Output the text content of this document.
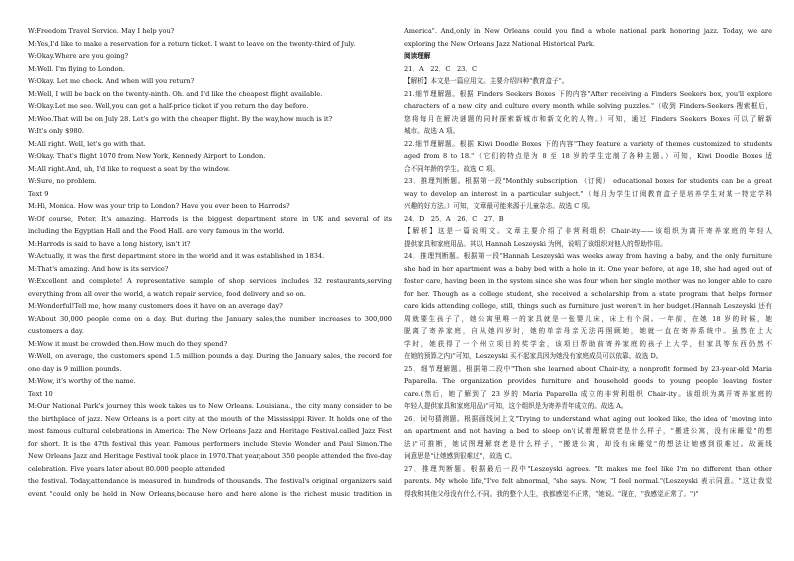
W:Freedom Travel Service. May I help you?
M:Yes,I'd like to make a reservation for a return ticket. I want to leave on the twenty-third of July.
W:Okay.Where are you going?
M:Well. I'm flying to London.
W:Okay. Let me check. And when will you return?
M:Well, I will be back on the twenty-ninth. Oh. and I'd like the cheapest flight available.
W:Okay.Let me see. Well,you can get a half-price ticket if you return the day before.
M:Woo.That will be on July 28. Let's go with the cheaper flight. By the way,how much is it?
W:It's only $980.
M:All right. Well, let's go with that.
W:Okay. That's flight 1070 from New York, Kennedy Airport to London.
M:All right.And, uh, I'd like to request a seat by the window.
W:Sure, no problem.
Text 9
M:Hi, Monica. How was your trip to London? Have you ever been to Harrods?
W:Of course, Peter. It's amazing. Harrods is the biggest department store in UK and several of its
including the Egyptian Hall and the Food Hall. are very famous in the world.
M:Harrods is said to have a long history, isn't it?
W:Actually, it was the first department store in the world and it was established in 1834.
M:That's amazing. And how is its service?
W:Excellent and complete! A representative sample of shop services includes 32 restaurants,serving
everything from all over the world, a watch repair service, food delivery and so on.
M:Wonderful!Tell me, how many customers does it have on an average day?
W:About 30,000 people come on a day. But during the January sales,the number increases to 300,000
customers a day.
M:Wow it must be crowded then.How much do they spend?
W:Well, on average, the customers spend 1.5 million pounds a day. During the January sales, the record for
one day is 9 million pounds.
M:Wow, it's worthy of the name.
Text 10
M:Our National Park's journey this week takes us to New Orleans. Louisiana., the city many consider to be
the birthplace of jazz. New Orleans is a port city at the mouth of the Mississippi River. It holds one of the
most famous cultural celebrations in America: The New Orleans Jazz and Heritage Festival.called Jazz Fest
for short. It is the 47th festival this year. Famous performers include Stevie Wonder and Paul Simon.The
New Orleans Jazz and Heritage Festival took place in 1970.That year,about 350 people attended the five-day
celebration. Five years later about 80.000 people attended
the festival. Today,attendance is measured in hundreds of thousands. The festival's original organizers said
event "could only be held in New Orleans,because here and here alone is the richest music tradition in
America". And,only in New Orleans could you find a whole national park honoring jazz. Today, we are
exploring the New Orleans Jazz National Historical Park.
阅读理解
21．A　22．C　23．C
【解析】本文是一篇应用文。主要介绍四种"教育盒子"。
21.细节理解题。根据 Finders Seekers Boxes 下的内容"After receiving a Finders Seekers box, you'll explore
characters of a new city and culture every month while solving puzzles."（收到 Finders-Seekers 搜索框后，
您将每月在解决谜题的同时探索新城市和新文化的人物。）可知，通过 Finders Seekers Boxes 可以了解新
城市。故选 A 项。
22.细节理解题。根据 Kiwi Doodle Boxes 下的内容"They feature a variety of themes customized to students
aged from 8 to 18."（它们的特点是为 8 至 18 岁的学生定制了各种主题。）可知，Kiwi Doodle Boxes 适
合不同年龄的学生。故选 C 项。
23．推理判断题。根据第一段"Monthly subscription （订阅） educational boxes for students can be a great
way to develop an interest in a particular subject."（每月为学生订阅教育盒子是培养学生对某一特定学科
兴趣的好方法。）可知，文章最可能来源于儿童杂志。故选 C 项。
24．D　25．A　26．C　27．B
【解析】这是一篇说明文。文章主要介绍了非营利组织 Chair-ity——该组织为离开寄养家庭的年轻人
提供家具和家庭用品。其以 Hannah Leszeyski 为例，说明了该组织对他人的帮助作用。
24．推理判断题。根据第一段"Hannah Leszeyski was weeks away from having a baby, and the only furniture
she had in her apartment was a baby bed with a hole in it. One year before, at age 18, she had aged out of
foster care, having been in the system since she was four when her single mother was no longer able to care
for her. Though as a college student, she received a scholarship from a state program that helps former
care kids attending college, still, things such as furniture just weren't in her budget.(Hannah Leszeyski 还有
周就要生孩子了，她公寓里唯一的家具就是一张婴儿床，床上有个洞。一年前，在她 18 岁的时候，她
脱离了寄养家庭，自从她四岁时，她的单亲母亲无法再照顾她，她就一直在寄养系统中。虽然在上大
学时，她获得了一个州立项目的奖学金，该项目帮助前寄养家庭的孩子上大学，但家具等东西仍然不
在她的预算之内)"可知，Leszeyski 买不起家具因为她没有家庭成员可以依靠。故选 D。
25．细节理解题。根据第二段中"Then she learned about Chair-ity, a nonprofit formed by 23-year-old Maria
Paparella. The organization provides furniture and household goods to young people leaving foster
care.(然后，她了解到了 23 岁的 Maria Paparella 成立的非营利组织 Chair-ity。该组织为离开寄养家庭的
年轻人提供家具和家庭用品)"可知，这个组织是为寄养青年成立的。故选 A。
26．词句猜测题。根据画线词上文"Trying to understand what aging out looked like, the idea of 'moving into
an apartment and not having a bed to sleep on'(试着理解衰老是什么样子，"搬进公寓，没有床睡觉"的想
法)"可推断，她试图理解衰老是什么样子，"搬进公寓，却没有床睡觉"的想法让她感到很难过。故画线
词意思是"让她感到很难过"，故选 C。
27．推理判断题。根据最后一段中"Leszeyski agrees. "It makes me feel like I'm no different than other
parents. My whole life,"I've felt abnormal, "she says. Now, "I feel normal."(Leszeyski 表示同意。"这让我觉
得我和其他父母没有什么不同。我的整个人生，我都感觉不正常，"她说。"现在，"我感觉正常了。")"
